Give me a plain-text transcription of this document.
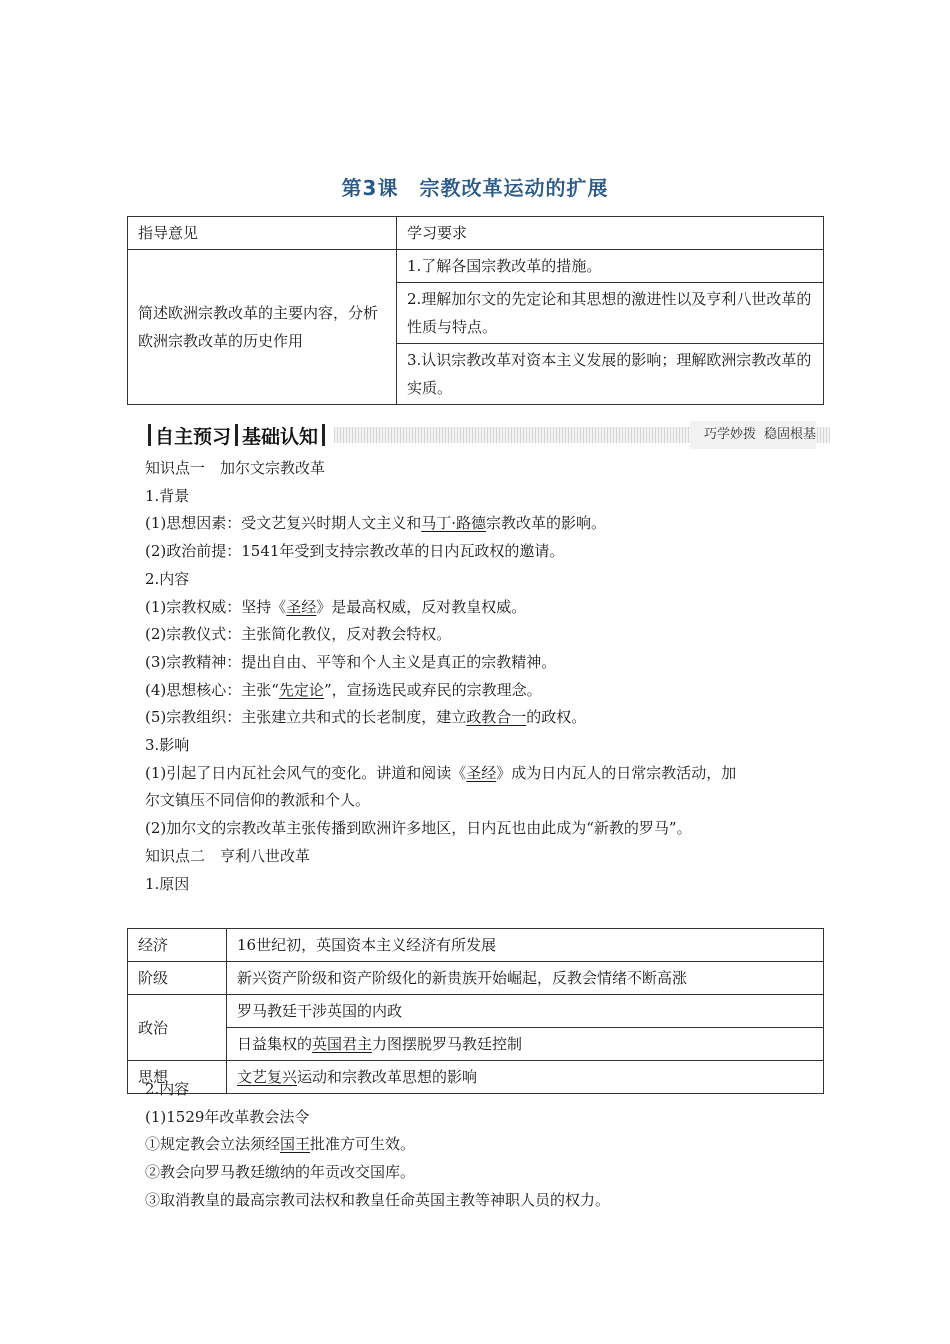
第3课　宗教改革运动的扩展
指导意见	学习要求
简述欧洲宗教改革的主要内容，分析欧洲宗教改革的历史作用	1.了解各国宗教改革的措施。
	2.理解加尔文的先定论和其思想的激进性以及亨利八世改革的性质与特点。
	3.认识宗教改革对资本主义发展的影响；理解欧洲宗教改革的实质。
自主预习 基础认知	巧学妙拨 稳固根基

知识点一　加尔文宗教改革

1.背景

(1)思想因素：受文艺复兴时期人文主义和马丁·路德宗教改革的影响。

(2)政治前提：1541年受到支持宗教改革的日内瓦政权的邀请。

2.内容

(1)宗教权威：坚持《圣经》是最高权威，反对教皇权威。

(2)宗教仪式：主张简化教仪，反对教会特权。

(3)宗教精神：提出自由、平等和个人主义是真正的宗教精神。

(4)思想核心：主张“先定论”，宣扬选民或弃民的宗教理念。

(5)宗教组织：主张建立共和式的长老制度，建立政教合一的政权。

3.影响

(1)引起了日内瓦社会风气的变化。讲道和阅读《圣经》成为日内瓦人的日常宗教活动，加

尔文镇压不同信仰的教派和个人。

(2)加尔文的宗教改革主张传播到欧洲许多地区，日内瓦也由此成为“新教的罗马”。

知识点二　亨利八世改革

1.原因

经济	16世纪初，英国资本主义经济有所发展
阶级	新兴资产阶级和资产阶级化的新贵族开始崛起，反教会情绪不断高涨
政治	罗马教廷干涉英国的内政
	日益集权的英国君主力图摆脱罗马教廷控制
思想	文艺复兴运动和宗教改革思想的影响

2.内容

(1)1529年改革教会法令

①规定教会立法须经国王批准方可生效。

②教会向罗马教廷缴纳的年贡改交国库。

③取消教皇的最高宗教司法权和教皇任命英国主教等神职人员的权力。
